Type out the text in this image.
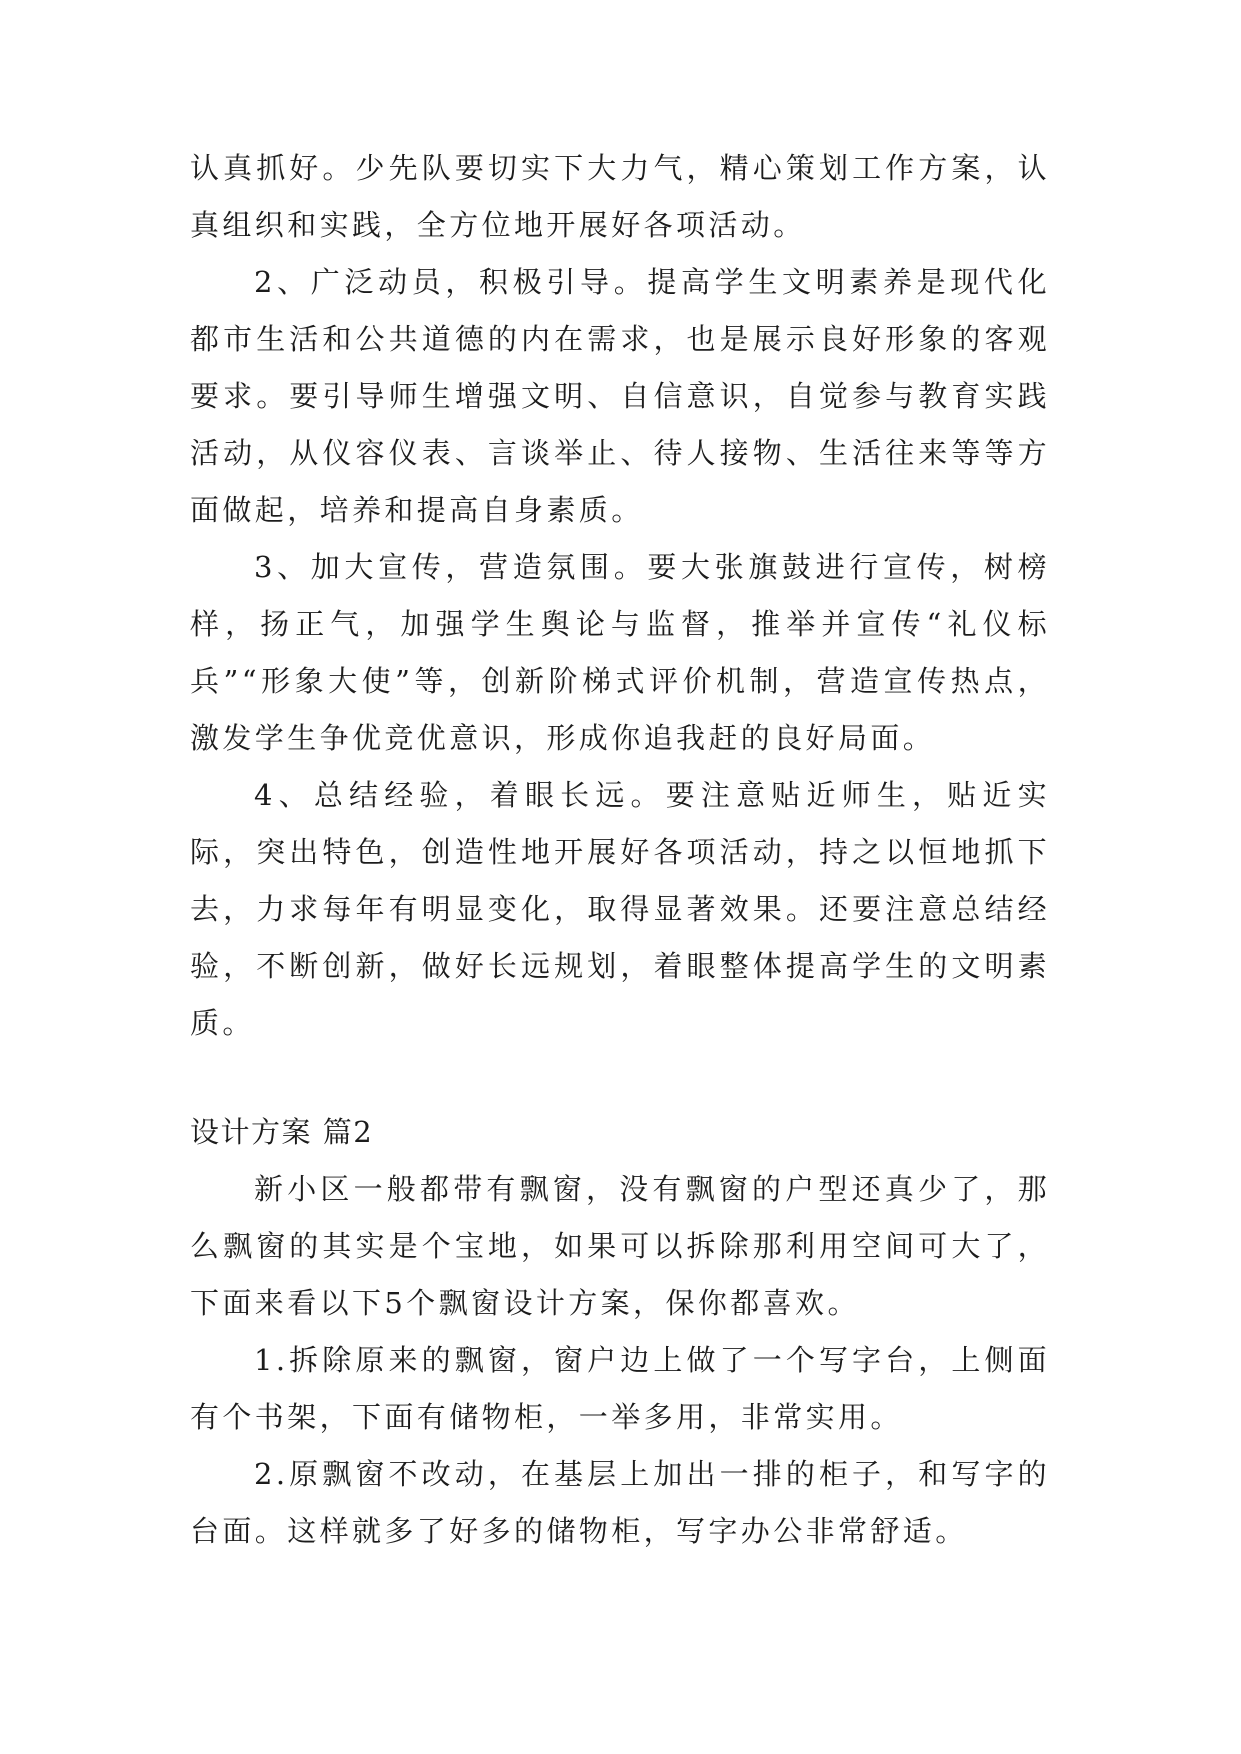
认真抓好。少先队要切实下大力气，精心策划工作方案，认真组织和实践，全方位地开展好各项活动。

2、广泛动员，积极引导。提高学生文明素养是现代化都市生活和公共道德的内在需求，也是展示良好形象的客观要求。要引导师生增强文明、自信意识，自觉参与教育实践活动，从仪容仪表、言谈举止、待人接物、生活往来等等方面做起，培养和提高自身素质。

3、加大宣传，营造氛围。要大张旗鼓进行宣传，树榜样，扬正气，加强学生舆论与监督，推举并宣传“礼仪标兵”“形象大使”等，创新阶梯式评价机制，营造宣传热点，激发学生争优竞优意识，形成你追我赶的良好局面。

4、总结经验，着眼长远。要注意贴近师生，贴近实际，突出特色，创造性地开展好各项活动，持之以恒地抓下去，力求每年有明显变化，取得显著效果。还要注意总结经验，不断创新，做好长远规划，着眼整体提高学生的文明素质。

设计方案 篇2

新小区一般都带有飘窗，没有飘窗的户型还真少了，那么飘窗的其实是个宝地，如果可以拆除那利用空间可大了，下面来看以下5个飘窗设计方案，保你都喜欢。

1.拆除原来的飘窗，窗户边上做了一个写字台，上侧面有个书架，下面有储物柜，一举多用，非常实用。

2.原飘窗不改动，在基层上加出一排的柜子，和写字的台面。这样就多了好多的储物柜，写字办公非常舒适。
